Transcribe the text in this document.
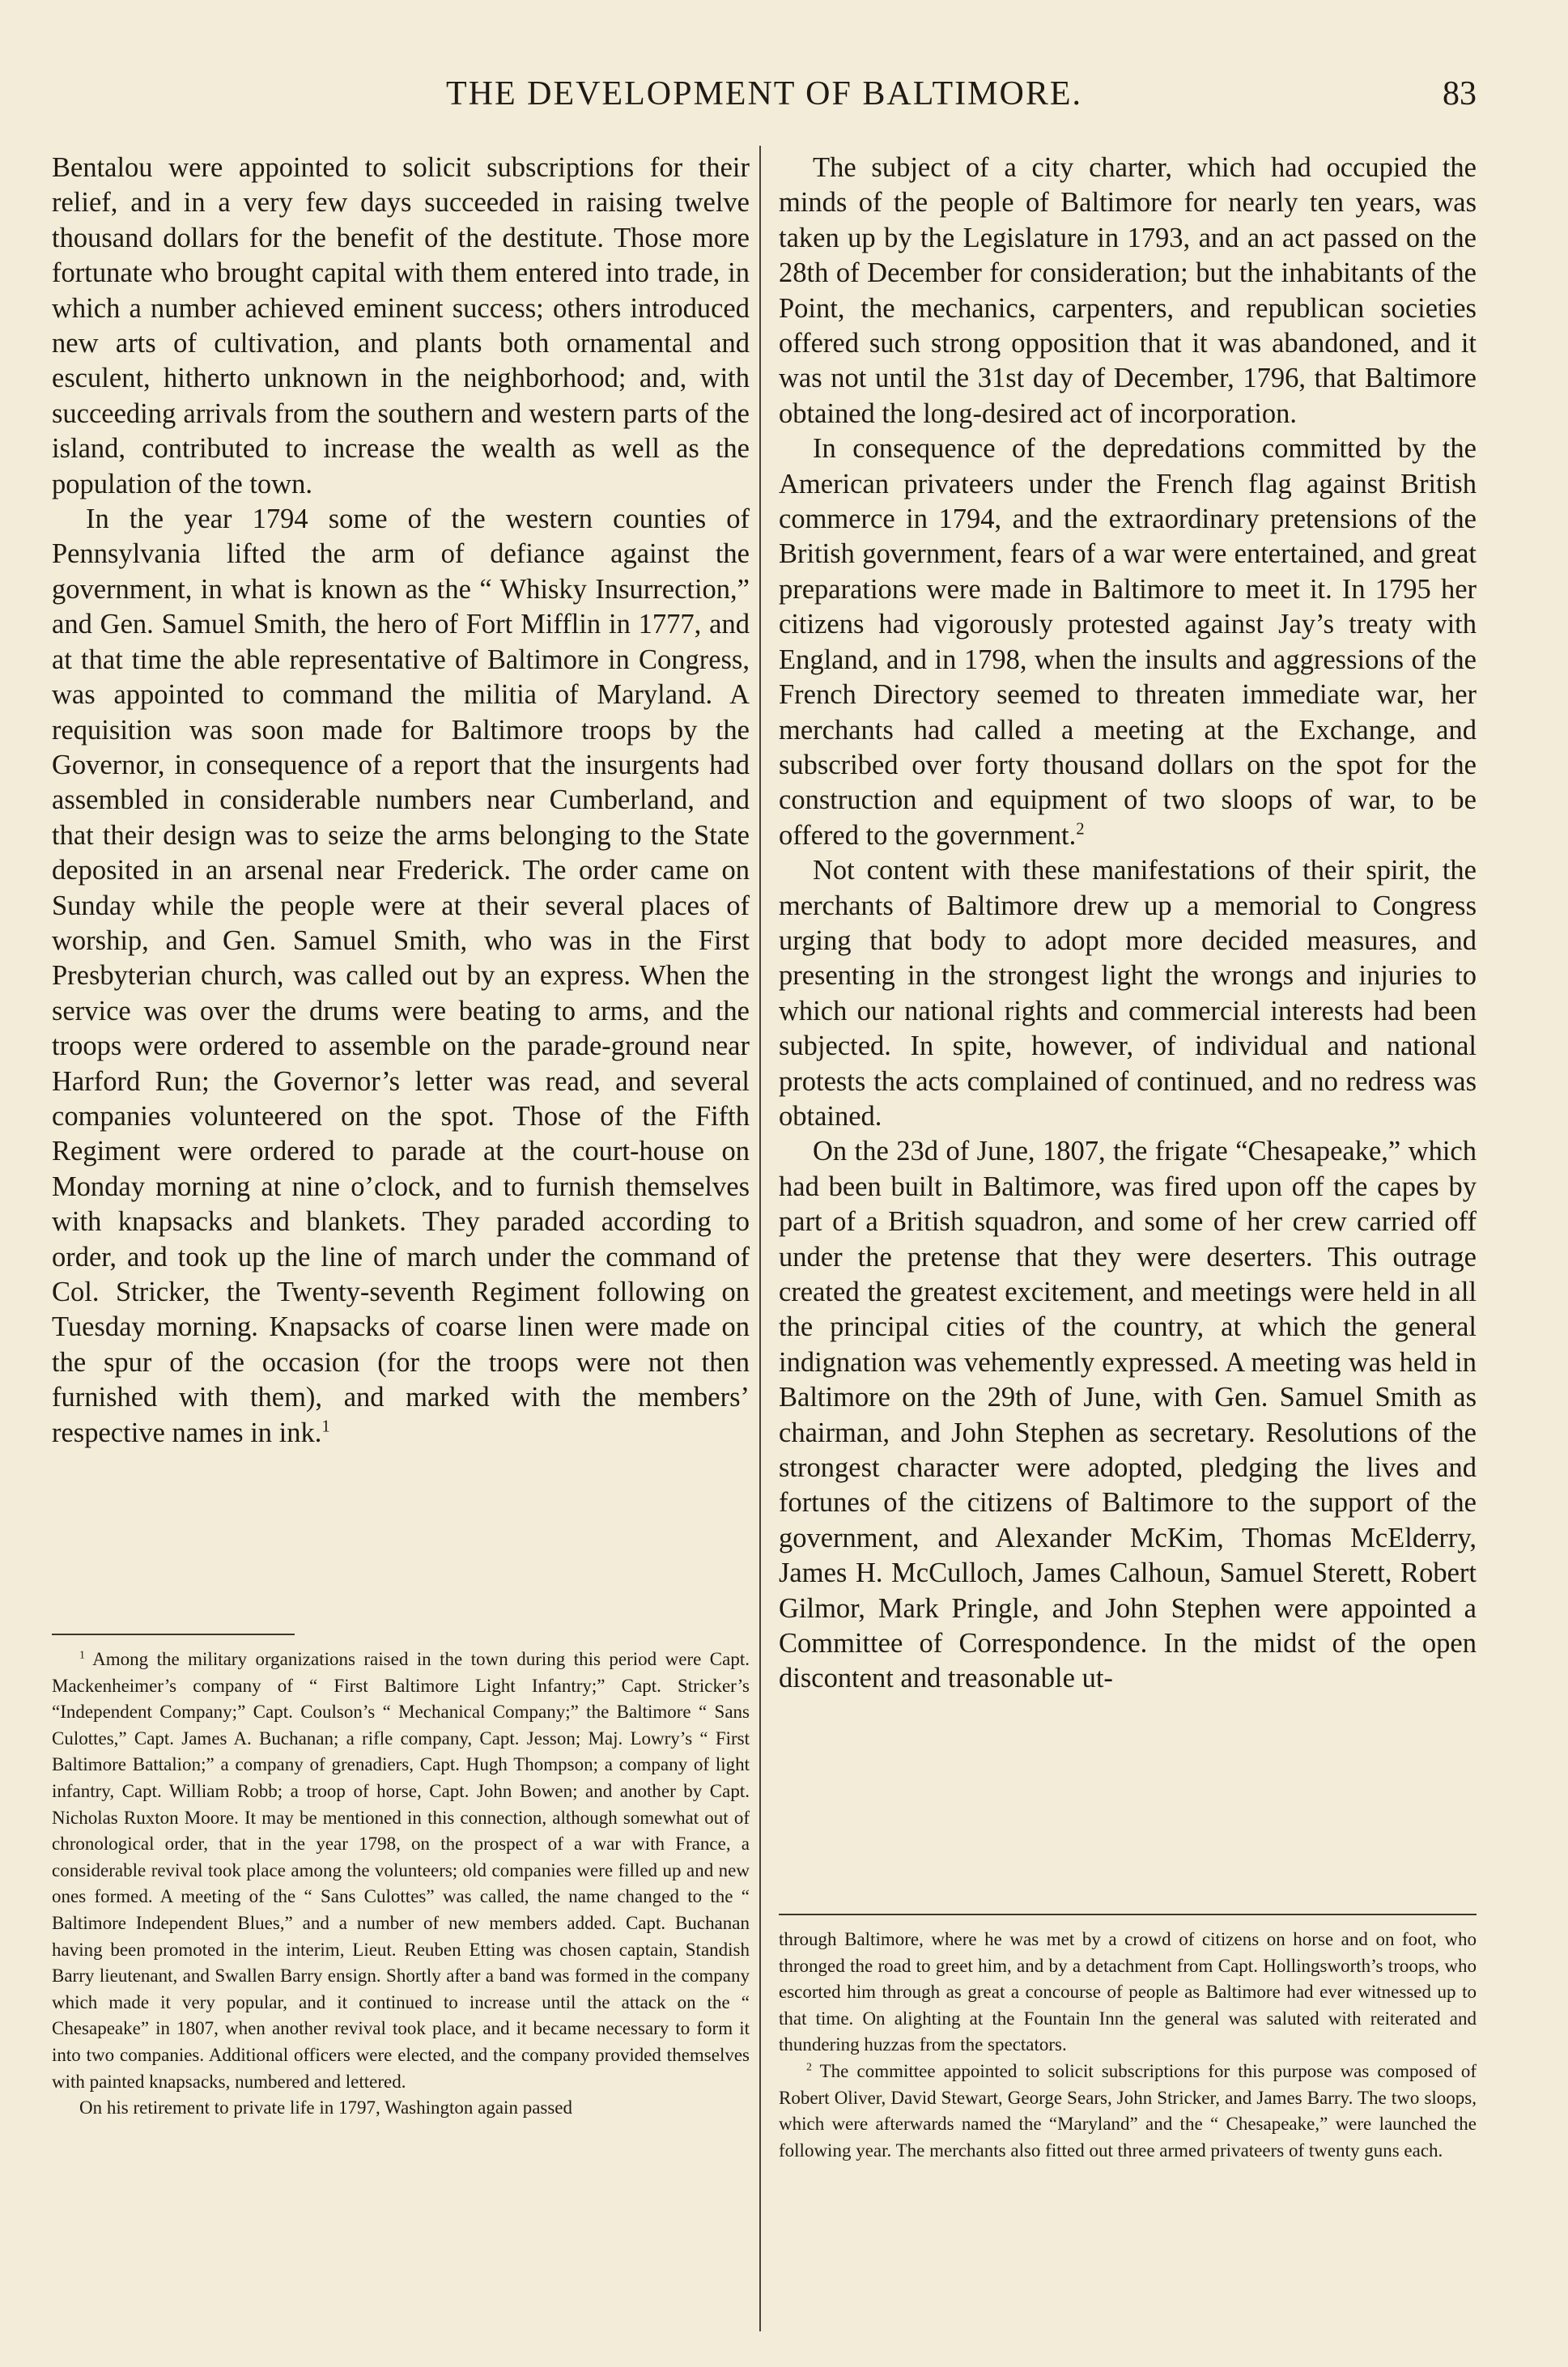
THE DEVELOPMENT OF BALTIMORE.	83

Bentalou were appointed to solicit subscriptions for their relief, and in a very few days succeeded in raising twelve thousand dollars for the benefit of the destitute. Those more fortunate who brought capital with them entered into trade, in which a number achieved eminent success; others introduced new arts of cultivation, and plants both ornamental and esculent, hitherto unknown in the neighborhood; and, with succeeding arrivals from the southern and western parts of the island, contributed to increase the wealth as well as the population of the town.

In the year 1794 some of the western counties of Pennsylvania lifted the arm of defiance against the government, in what is known as the “ Whisky Insurrection,” and Gen. Samuel Smith, the hero of Fort Mifflin in 1777, and at that time the able representative of Baltimore in Congress, was appointed to command the militia of Maryland. A requisition was soon made for Baltimore troops by the Governor, in consequence of a report that the insurgents had assembled in considerable numbers near Cumberland, and that their design was to seize the arms belonging to the State deposited in an arsenal near Frederick. The order came on Sunday while the people were at their several places of worship, and Gen. Samuel Smith, who was in the First Presbyterian church, was called out by an express. When the service was over the drums were beating to arms, and the troops were ordered to assemble on the parade-ground near Harford Run; the Governor’s letter was read, and several companies volunteered on the spot. Those of the Fifth Regiment were ordered to parade at the court-house on Monday morning at nine o’clock, and to furnish themselves with knapsacks and blankets. They paraded according to order, and took up the line of march under the command of Col. Stricker, the Twenty-seventh Regiment following on Tuesday morning. Knapsacks of coarse linen were made on the spur of the occasion (for the troops were not then furnished with them), and marked with the members’ respective names in ink.$^1$

The subject of a city charter, which had occupied the minds of the people of Baltimore for nearly ten years, was taken up by the Legislature in 1793, and an act passed on the 28th of December for consideration; but the inhabitants of the Point, the mechanics, carpenters, and republican societies offered such strong opposition that it was abandoned, and it was not until the 31st day of December, 1796, that Baltimore obtained the long-desired act of incorporation.

In consequence of the depredations committed by the American privateers under the French flag against British commerce in 1794, and the extraordinary pretensions of the British government, fears of a war were entertained, and great preparations were made in Baltimore to meet it. In 1795 her citizens had vigorously protested against Jay’s treaty with England, and in 1798, when the insults and aggressions of the French Directory seemed to threaten immediate war, her merchants had called a meeting at the Exchange, and subscribed over forty thousand dollars on the spot for the construction and equipment of two sloops of war, to be offered to the government.$^2$

Not content with these manifestations of their spirit, the merchants of Baltimore drew up a memorial to Congress urging that body to adopt more decided measures, and presenting in the strongest light the wrongs and injuries to which our national rights and commercial interests had been subjected. In spite, however, of individual and national protests the acts complained of continued, and no redress was obtained.

On the 23d of June, 1807, the frigate “Chesapeake,” which had been built in Baltimore, was fired upon off the capes by part of a British squadron, and some of her crew carried off under the pretense that they were deserters. This outrage created the greatest excitement, and meetings were held in all the principal cities of the country, at which the general indignation was vehemently expressed. A meeting was held in Baltimore on the 29th of June, with Gen. Samuel Smith as chairman, and John Stephen as secretary. Resolutions of the strongest character were adopted, pledging the lives and fortunes of the citizens of Baltimore to the support of the government, and Alexander McKim, Thomas McElderry, James H. McCulloch, James Calhoun, Samuel Sterett, Robert Gilmor, Mark Pringle, and John Stephen were appointed a Committee of Correspondence. In the midst of the open discontent and treasonable ut-

$^1$ Among the military organizations raised in the town during this period were Capt. Mackenheimer’s company of “ First Baltimore Light Infantry;” Capt. Stricker’s “Independent Company;” Capt. Coulson’s “ Mechanical Company;” the Baltimore “ Sans Culottes,” Capt. James A. Buchanan; a rifle company, Capt. Jesson; Maj. Lowry’s “ First Baltimore Battalion;” a company of grenadiers, Capt. Hugh Thompson; a company of light infantry, Capt. William Robb; a troop of horse, Capt. John Bowen; and another by Capt. Nicholas Ruxton Moore. It may be mentioned in this connection, although somewhat out of chronological order, that in the year 1798, on the prospect of a war with France, a considerable revival took place among the volunteers; old companies were filled up and new ones formed. A meeting of the “ Sans Culottes” was called, the name changed to the “ Baltimore Independent Blues,” and a number of new members added. Capt. Buchanan having been promoted in the interim, Lieut. Reuben Etting was chosen captain, Standish Barry lieutenant, and Swallen Barry ensign. Shortly after a band was formed in the company which made it very popular, and it continued to increase until the attack on the “ Chesapeake” in 1807, when another revival took place, and it became necessary to form it into two companies. Additional officers were elected, and the company provided themselves with painted knapsacks, numbered and lettered.

On his retirement to private life in 1797, Washington again passed

through Baltimore, where he was met by a crowd of citizens on horse and on foot, who thronged the road to greet him, and by a detachment from Capt. Hollingsworth’s troops, who escorted him through as great a concourse of people as Baltimore had ever witnessed up to that time. On alighting at the Fountain Inn the general was saluted with reiterated and thundering huzzas from the spectators.

$^2$ The committee appointed to solicit subscriptions for this purpose was composed of Robert Oliver, David Stewart, George Sears, John Stricker, and James Barry. The two sloops, which were afterwards named the “Maryland” and the “ Chesapeake,” were launched the following year. The merchants also fitted out three armed privateers of twenty guns each.
